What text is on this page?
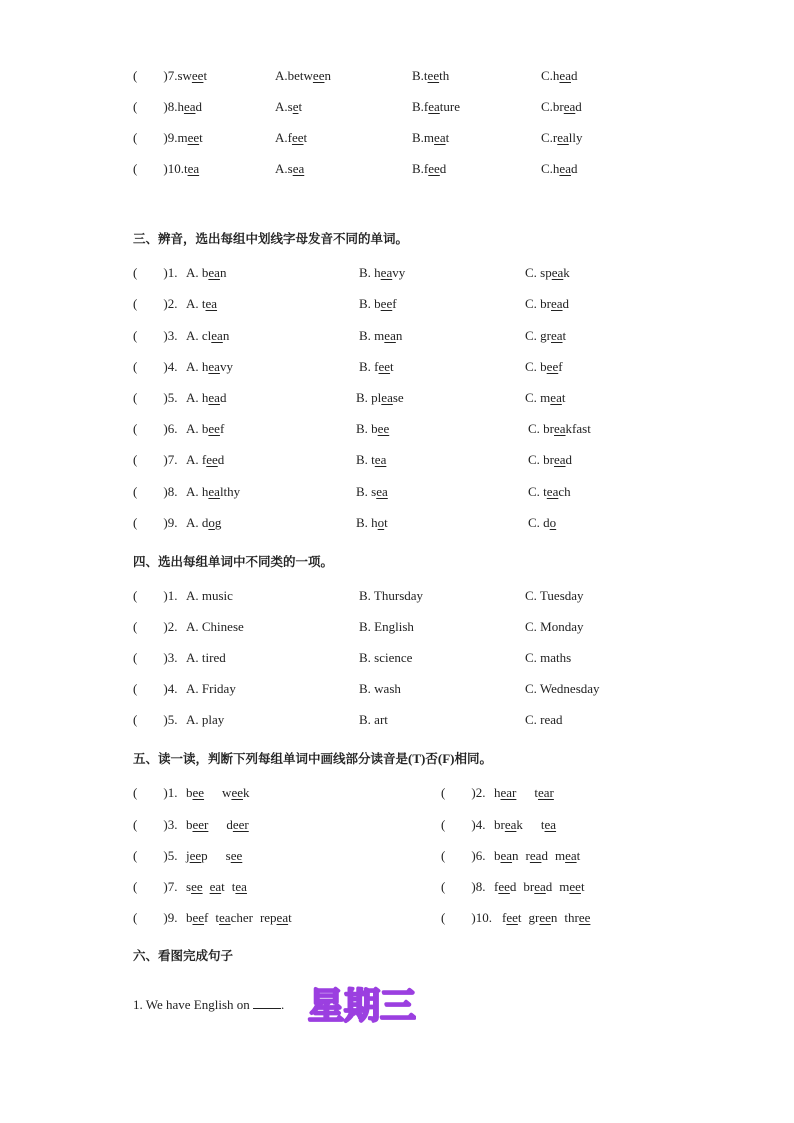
( )7.sweet	A.between	B.teeth	C.head
( )8.head	A.set	B.feature	C.bread
( )9.meet	A.feet	B.meat	C.really
( )10.tea	A.sea	B.feed	C.head
三、辨音，选出每组中划线字母发音不同的单词。
( )1. A. bean	B. heavy	C. speak
( )2. A. tea	B. beef	C. bread
( )3. A. clean	B. mean	C. great
( )4. A. heavy	B. feet	C. beef
( )5. A. head	B. please	C. meat
( )6. A. beef	B. bee	C. breakfast
( )7. A. feed	B. tea	C. bread
( )8. A. healthy	B. sea	C. teach
( )9. A. dog	B. hot	C. do
四、选出每组单词中不同类的一项。
( )1. A. music	B. Thursday	C. Tuesday
( )2. A. Chinese	B. English	C. Monday
( )3. A. tired	B. science	C. maths
( )4. A. Friday	B. wash	C. Wednesday
( )5. A. play	B. art	C. read
五、读一读，判断下列每组单词中画线部分读音是(T)否(F)相同。
( )1. bee week	( )2. hear tear
( )3. beer deer	( )4. break tea
( )5. jeep see	( )6. bean read meat
( )7. see eat tea	( )8. feed bread meet
( )9. beef teacher repeat	( )10. feet green three
六、看图完成句子
1. We have English on . 星期三
